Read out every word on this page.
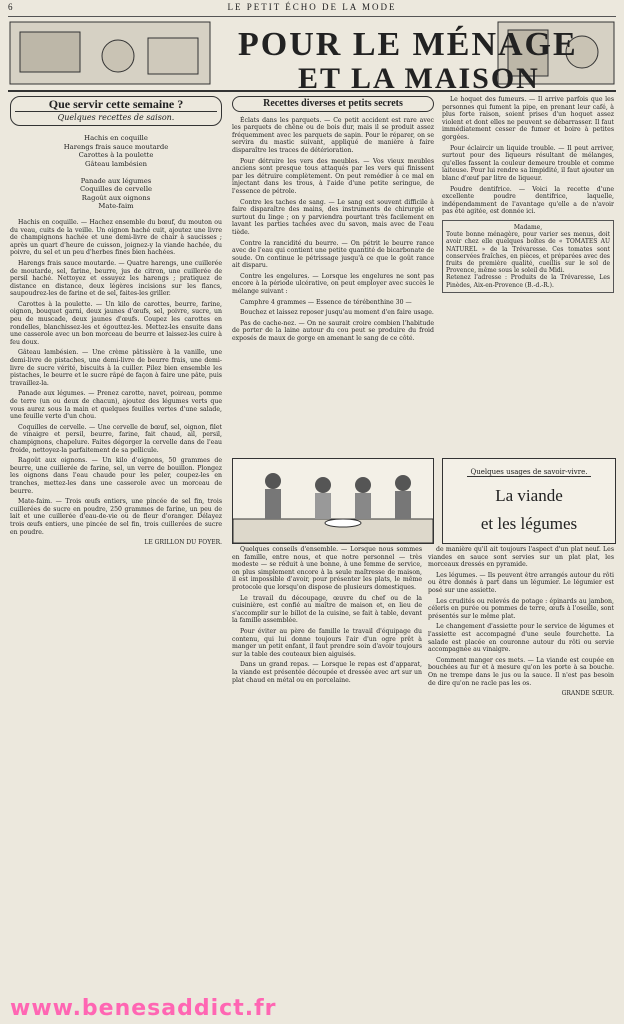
6	LE PETIT ÉCHO DE LA MODE
POUR LE MÉNAGE
ET LA MAISON
Que servir cette semaine ?
Quelques recettes de saison.
Hachis en coquille
Harengs frais sauce moutarde
Carottes à la poulette
Gâteau lambésien
Panade aux légumes
Coquilles de cervelle
Ragoût aux oignons
Mate-faim

Hachis en coquille. — Hachez ensemble du bœuf, du mouton ou du veau, cuits de la veille. Un oignon haché cuit, ajoutez une livre de champignons hachée et une demi-livre de chair à saucisses ; après un quart d'heure de cuisson, joignez-y la viande hachée, du poivre, du sel et un peu d'herbes fines bien hachées.

Harengs frais sauce moutarde. — Quatre harengs, une cuillerée de moutarde, sel, farine, beurre, jus de citron, une cuillerée de persil haché. Nettoyez et essuyez les harengs ; pratiquez de distance en distance, deux légères incisions sur les flancs, saupoudrez-les de farine et de sel, faites-les griller.

Carottes à la poulette. — Un kilo de carottes, beurre, farine, oignon, bouquet garni, deux jaunes d'œufs, sel, poivre, sucre, un peu de muscade, deux jaunes d'œufs. Coupez les carottes en rondelles, blanchissez-les et égouttez-les. Mettez-les ensuite dans une casserole avec un bon morceau de beurre et laissez-les cuire à feu doux.

Gâteau lambésien. — Une crème pâtissière à la vanille, une demi-livre de pistaches, une demi-livre de beurre frais, une demi-livre de sucre vérité, biscuits à la cuiller. Pilez bien ensemble les pistaches, le beurre et le sucre râpé de façon à faire une pâte, puis travaillez-la.

Panade aux légumes. — Prenez carotte, navet, poireau, pomme de terre (un ou deux de chacun), ajoutez des légumes verts que vous aurez sous la main et quelques feuilles vertes d'une salade, une feuille verte d'un chou.

Coquilles de cervelle. — Une cervelle de bœuf, sel, oignon, filet de vinaigre et persil, beurre, farine, fait chaud, ail, persil, champignons, chapelure. Faites dégorger la cervelle dans de l'eau froide, nettoyez-la parfaitement de sa pellicule.

Ragoût aux oignons. — Un kilo d'oignons, 50 grammes de beurre, une cuillerée de farine, sel, un verre de bouillon. Plongez les oignons dans l'eau chaude pour les peler, coupez-les en tranches, mettez-les dans une casserole avec un morceau de beurre.

Mate-faim. — Trois œufs entiers, une pincée de sel fin, trois cuillerées de sucre en poudre, 250 grammes de farine, un peu de lait et une cuillerée d'eau-de-vie ou de fleur d'oranger. Délayez trois œufs entiers, une pincée de sel fin, trois cuillerées de sucre en poudre.

LE GRILLON DU FOYER.
Recettes diverses et petits secrets

Éclats dans les parquets. — Ce petit accident est rare avec les parquets de chêne ou de bois dur, mais il se produit assez fréquemment avec les parquets de sapin. Pour le réparer, on se servira du mastic suivant, appliqué de manière à faire disparaître les traces de détérioration.

Pour détruire les vers des meubles. — Vos vieux meubles anciens sont presque tous attaqués par les vers qui finissent par les détruire complètement. On peut remédier à ce mal en injectant dans les trous, à l'aide d'une petite seringue, de l'essence de pétrole.

Contre les taches de sang. — Le sang est souvent difficile à faire disparaître des mains, des instruments de chirurgie et surtout du linge ; on y parviendra pourtant très facilement en lavant les parties tachées avec du savon, mais avec de l'eau tiède.

Contre la rancidité du beurre. — On pétrit le beurre rance avec de l'eau qui contient une petite quantité de bicarbonate de soude. On continue le pétrissage jusqu'à ce que le goût rance ait disparu.

Contre les engelures. — Lorsque les engelures ne sont pas encore à la période ulcérative, on peut employer avec succès le mélange suivant :

Camphre 4 grammes — Essence de térébenthine 30 —

Bouchez et laissez reposer jusqu'au moment d'en faire usage.

Pas de cache-nez. — On ne saurait croire combien l'habitude de porter de la laine autour du cou peut se produire du froid exposés de maux de gorge en amenant le sang de ce côté.

Le hoquet des fumeurs. — Il arrive parfois que les personnes qui fument la pipe, en prenant leur café, à plus forte raison, soient prises d'un hoquet assez violent et dont elles ne peuvent se débarrasser. Il faut immédiatement cesser de fumer et boire à petites gorgées.

Pour éclaircir un liquide trouble. — Il peut arriver, surtout pour des liqueurs résultant de mélanges, qu'elles fassent la couleur demeure trouble et comme laiteuse. Pour lui rendre sa limpidité, il faut ajouter un blanc d'œuf par litre de liqueur.

Poudre dentifrice. — Voici la recette d'une excellente poudre dentifrice, laquelle, indépendamment de l'avantage qu'elle a de n'avoir pas été agitée, est donnée ici.

Madame,
Toute bonne ménagère, pour varier ses menus, doit avoir chez elle quelques boîtes de « TOMATES AU NATUREL » de la Trévaresse. Ces tomates sont conservées fraîches, en pièces, et préparées avec des fruits de première qualité, cueillis sur le sol de Provence, même sous le soleil du Midi.
Retenez l'adresse : Produits de la Trévaresse, Les Pinèdes, Aix-en-Provence (B.-d.-R.).
Quelques usages de savoir-vivre.
La viande
et les légumes

Quelques conseils d'ensemble. — Lorsque nous sommes en famille, entre nous, et que notre personnel — très modeste — se réduit à une bonne, à une femme de service, on plus simplement encore à la seule maîtresse de maison, il est impossible d'avoir, pour présenter les plats, le même protocole que lorsqu'on dispose de plusieurs domestiques.

Le travail du découpage, œuvre du chef ou de la cuisinière, est confié au maître de maison et, en lieu de s'accomplir sur le billot de la cuisine, se fait à table, devant la famille assemblée.

Pour éviter au père de famille le travail d'équipage du contenu, qui lui donne toujours l'air d'un ogre prêt à manger un petit enfant, il faut prendre soin d'avoir toujours sur la table des couteaux bien aiguisés.

Dans un grand repas. — Lorsque le repas est d'apparat, la viande est présentée découpée et dressée avec art sur un plat chaud en métal ou en porcelaine.

de manière qu'il ait toujours l'aspect d'un plat neuf. Les viandes en sauce sont servies sur un plat plat, les morceaux dressés en pyramide.

Les légumes. — Ils peuvent être arrangés autour du rôti ou être donnés à part dans un légumier. Le légumier est posé sur une assiette.

Les crudités ou relevés de potage : épinards au jambon, céleris en purée ou pommes de terre, œufs à l'oseille, sont présentés sur le même plat.

Le changement d'assiette pour le service de légumes et l'assiette est accompagné d'une seule fourchette. La salade est placée en couronne autour du rôti ou servie accompagnée au vinaigre.

Comment manger ces mets. — La viande est coupée en bouchées au fur et à mesure qu'on les porte à sa bouche. On ne trempe dans le jus ou la sauce. Il n'est pas besoin de dire qu'on ne racle pas les os.

GRANDE SŒUR.
www.benesaddict.fr
